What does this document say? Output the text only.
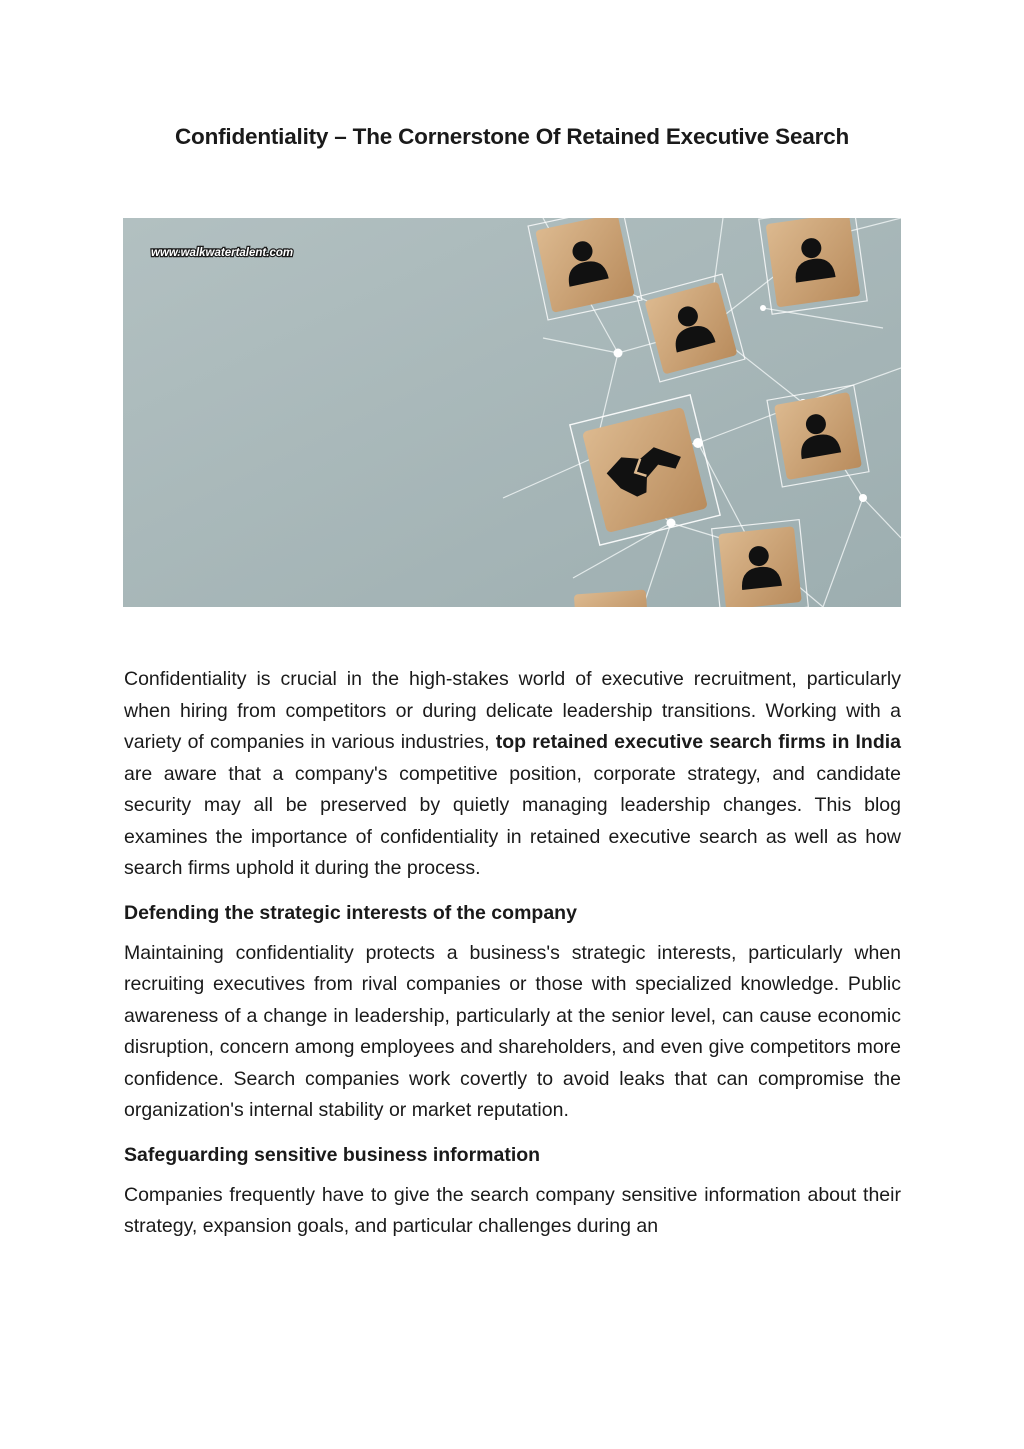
Confidentiality – The Cornerstone Of Retained Executive Search
www.walkwatertalent.com

Confidentiality is crucial in the high-stakes world of executive recruitment, particularly when hiring from competitors or during delicate leadership transitions. Working with a variety of companies in various industries, top retained executive search firms in India are aware that a company's competitive position, corporate strategy, and candidate security may all be preserved by quietly managing leadership changes. This blog examines the importance of confidentiality in retained executive search as well as how search firms uphold it during the process.

Defending the strategic interests of the company

Maintaining confidentiality protects a business's strategic interests, particularly when recruiting executives from rival companies or those with specialized knowledge. Public awareness of a change in leadership, particularly at the senior level, can cause economic disruption, concern among employees and shareholders, and even give competitors more confidence. Search companies work covertly to avoid leaks that can compromise the organization's internal stability or market reputation.

Safeguarding sensitive business information

Companies frequently have to give the search company sensitive information about their strategy, expansion goals, and particular challenges during an
